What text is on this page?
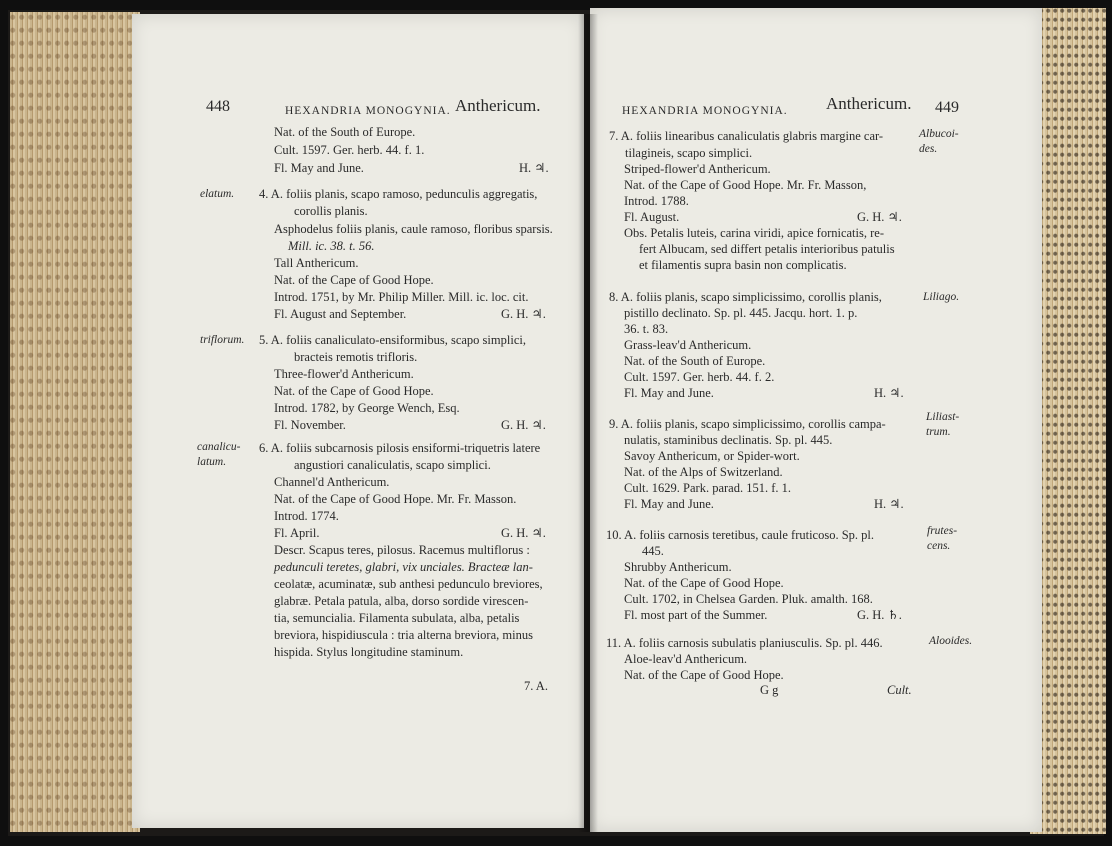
448	HEXANDRIA MONOGYNIA. Anthericum.
Nat. of the South of Europe.
Cult. 1597. Ger. herb. 44. f. 1.
Fl. May and June.	H. ♃.
elatum. 4. A. foliis planis, scapo ramoso, pedunculis aggregatis,
corollis planis.
Asphodelus foliis planis, caule ramoso, floribus sparsis.
Mill. ic. 38. t. 56.
Tall Anthericum.
Nat. of the Cape of Good Hope.
Introd. 1751, by Mr. Philip Miller. Mill. ic. loc. cit.
Fl. August and September.	G. H. ♃.
triflorum. 5. A. foliis canaliculato-ensiformibus, scapo simplici,
bracteis remotis trifloris.
Three-flower'd Anthericum.
Nat. of the Cape of Good Hope.
Introd. 1782, by George Wench, Esq.
Fl. November.	G. H. ♃.
canalicu-
latum.
6. A. foliis subcarnosis pilosis ensiformi-triquetris latere
angustiori canaliculatis, scapo simplici.
Channel'd Anthericum.
Nat. of the Cape of Good Hope. Mr. Fr. Masson.
Introd. 1774.
Fl. April.	G. H. ♃.
Descr. Scapus teres, pilosus. Racemus multiflorus :
pedunculi teretes, glabri, vix unciales. Bracteæ lan-
ceolatæ, acuminatæ, sub anthesi pedunculo breviores,
glabræ. Petala patula, alba, dorso sordide virescen-
tia, semuncialia. Filamenta subulata, alba, petalis
breviora, hispidiuscula : tria alterna breviora, minus
hispida. Stylus longitudine staminum.
7. A.
HEXANDRIA MONOGYNIA. Anthericum. 449
Albucoi-
des.
7. A. foliis linearibus canaliculatis glabris margine car-
tilagineis, scapo simplici.
Striped-flower'd Anthericum.
Nat. of the Cape of Good Hope. Mr. Fr. Masson,
Introd. 1788.
Fl. August.	G. H. ♃.
Obs. Petalis luteis, carina viridi, apice fornicatis, re-
fert Albucam, sed differt petalis interioribus patulis
et filamentis supra basin non complicatis.
Liliago.
8. A. foliis planis, scapo simplicissimo, corollis planis,
pistillo declinato. Sp. pl. 445. Jacqu. hort. 1. p.
36. t. 83.
Grass-leav'd Anthericum.
Nat. of the South of Europe.
Cult. 1597. Ger. herb. 44. f. 2.
Fl. May and June.	H. ♃.
Liliast-
trum.
9. A. foliis planis, scapo simplicissimo, corollis campa-
nulatis, staminibus declinatis. Sp. pl. 445.
Savoy Anthericum, or Spider-wort.
Nat. of the Alps of Switzerland.
Cult. 1629. Park. parad. 151. f. 1.
Fl. May and June.	H. ♃.
frutes-
cens.
10. A. foliis carnosis teretibus, caule fruticoso. Sp. pl.
445.
Shrubby Anthericum.
Nat. of the Cape of Good Hope.
Cult. 1702, in Chelsea Garden. Pluk. amalth. 168.
Fl. most part of the Summer.	G. H. ♄.
Alooides.
11. A. foliis carnosis subulatis planiusculis. Sp. pl. 446.
Aloe-leav'd Anthericum.
Nat. of the Cape of Good Hope.
G g	Cult.
